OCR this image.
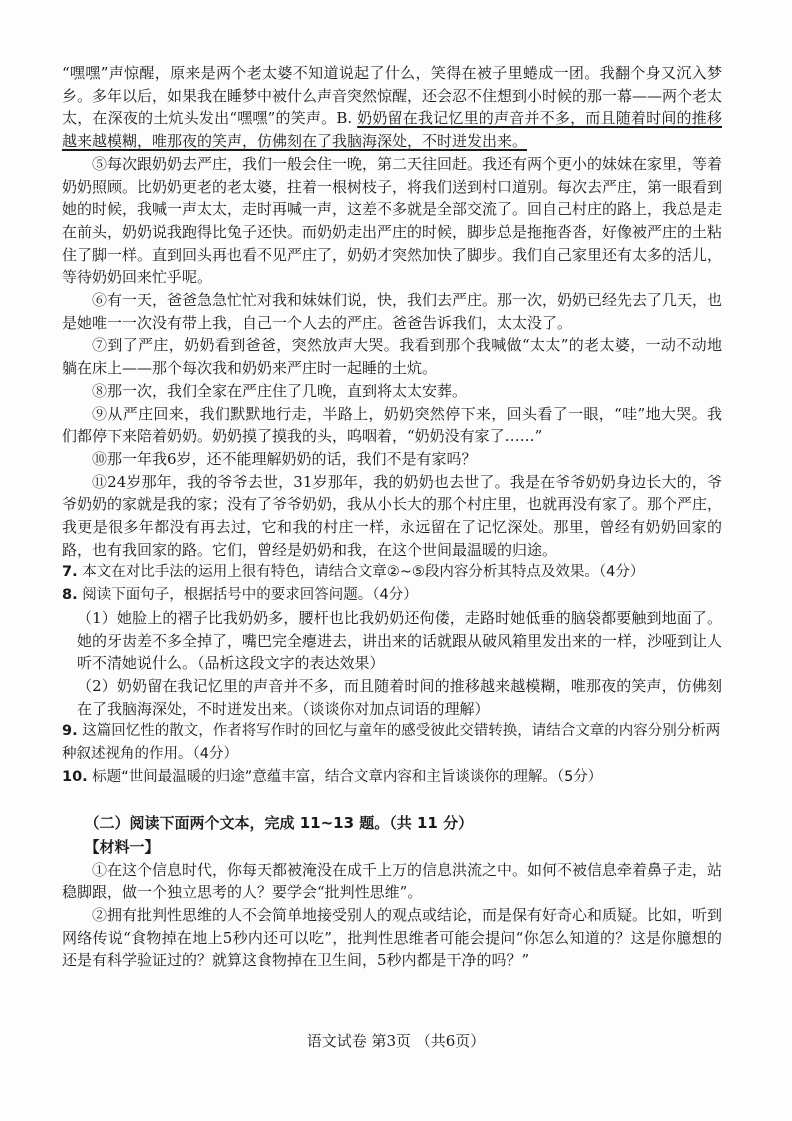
“嘿嘿”声惊醒，原来是两个老太婆不知道说起了什么，笑得在被子里蜷成一团。我翻个身又沉入梦乡。多年以后，如果我在睡梦中被什么声音突然惊醒，还会忍不住想到小时候的那一幕——两个老太太，在深夜的土炕头发出“嘿嘿”的笑声。B. 奶奶留在我记忆里的声音并不多，而且随着时间的推移越来越模糊，唯那夜的笑声，仿佛刻在了我脑海深处，不时迸发出来。

⑤每次跟奶奶去严庄，我们一般会住一晚，第二天往回赶。我还有两个更小的妹妹在家里，等着奶奶照顾。比奶奶更老的老太婆，拄着一根树枝子，将我们送到村口道别。每次去严庄，第一眼看到她的时候，我喊一声太太，走时再喊一声，这差不多就是全部交流了。回自己村庄的路上，我总是走在前头，奶奶说我跑得比兔子还快。而奶奶走出严庄的时候，脚步总是拖拖沓沓，好像被严庄的土粘住了脚一样。直到回头再也看不见严庄了，奶奶才突然加快了脚步。我们自己家里还有太多的活儿，等待奶奶回来忙乎呢。

⑥有一天，爸爸急急忙忙对我和妹妹们说，快，我们去严庄。那一次，奶奶已经先去了几天，也是她唯一一次没有带上我，自己一个人去的严庄。爸爸告诉我们，太太没了。

⑦到了严庄，奶奶看到爸爸，突然放声大哭。我看到那个我喊做“太太”的老太婆，一动不动地躺在床上——那个每次我和奶奶来严庄时一起睡的土炕。

⑧那一次，我们全家在严庄住了几晚，直到将太太安葬。

⑨从严庄回来，我们默默地行走，半路上，奶奶突然停下来，回头看了一眼，“哇”地大哭。我们都停下来陪着奶奶。奶奶摸了摸我的头，呜咽着，“奶奶没有家了……”

⑩那一年我6岁，还不能理解奶奶的话，我们不是有家吗？

⑪24岁那年，我的爷爷去世，31岁那年，我的奶奶也去世了。我是在爷爷奶奶身边长大的，爷爷奶奶的家就是我的家；没有了爷爷奶奶，我从小长大的那个村庄里，也就再没有家了。那个严庄，我更是很多年都没有再去过，它和我的村庄一样，永远留在了记忆深处。那里，曾经有奶奶回家的路，也有我回家的路。它们，曾经是奶奶和我，在这个世间最温暖的归途。

7. 本文在对比手法的运用上很有特色，请结合文章②~⑤段内容分析其特点及效果。（4分）

8. 阅读下面句子，根据括号中的要求回答问题。（4分）

（1）她脸上的褶子比我奶奶多，腰杆也比我奶奶还佝偻，走路时她低垂的脑袋都要触到地面了。她的牙齿差不多全掉了，嘴巴完全瘪进去，讲出来的话就跟从破风箱里发出来的一样，沙哑到让人听不清她说什么。（品析这段文字的表达效果）

（2）奶奶留在我记忆里的声音并不多，而且随着时间的推移越来越模糊，唯那夜的笑声，仿佛刻在了我脑海深处，不时迸发出来。（谈谈你对加点词语的理解）

9. 这篇回忆性的散文，作者将写作时的回忆与童年的感受彼此交错转换，请结合文章的内容分别分析两种叙述视角的作用。（4分）

10. 标题“世间最温暖的归途”意蕴丰富，结合文章内容和主旨谈谈你的理解。（5分）

（二）阅读下面两个文本，完成 11~13 题。（共 11 分）

【材料一】

①在这个信息时代，你每天都被淹没在成千上万的信息洪流之中。如何不被信息牵着鼻子走，站稳脚跟，做一个独立思考的人？要学会“批判性思维”。

②拥有批判性思维的人不会简单地接受别人的观点或结论，而是保有好奇心和质疑。比如，听到网络传说“食物掉在地上5秒内还可以吃”，批判性思维者可能会提问“你怎么知道的？这是你臆想的还是有科学验证过的？就算这食物掉在卫生间，5秒内都是干净的吗？”

语文试卷 第3页 （共6页）
